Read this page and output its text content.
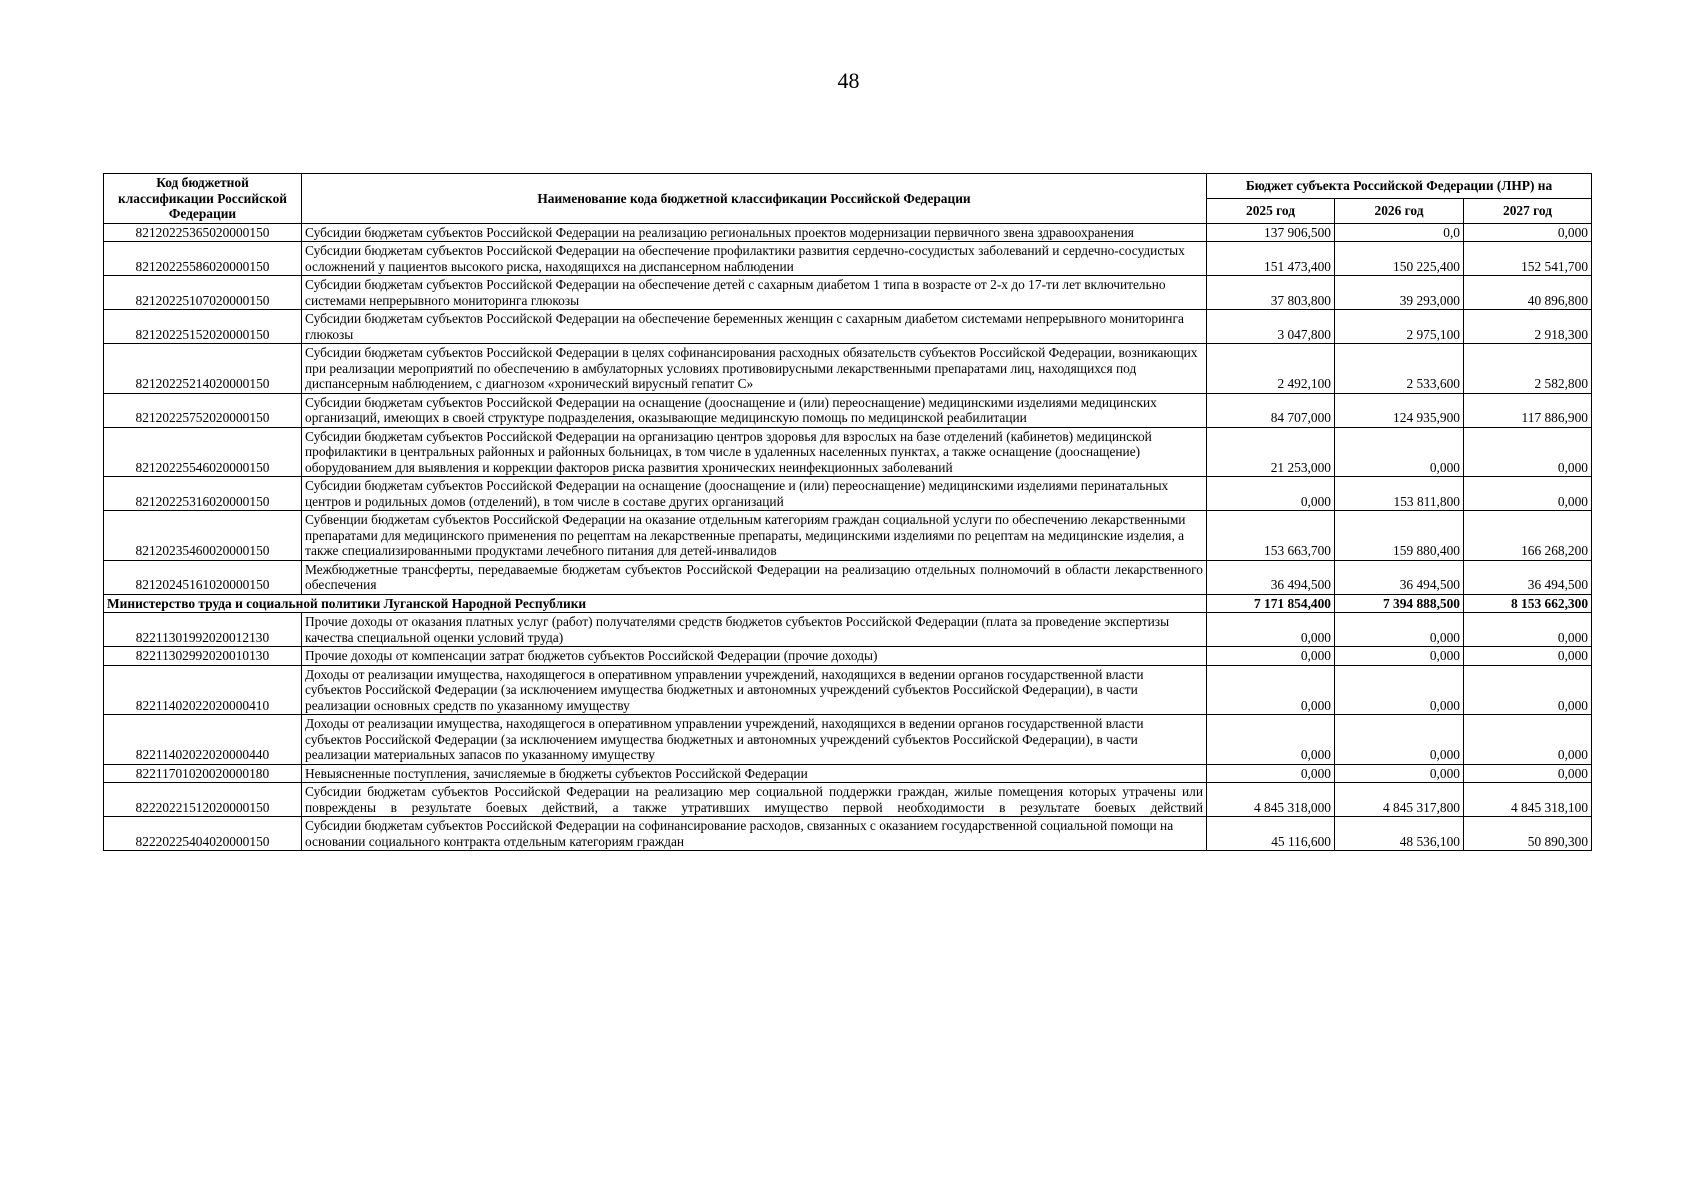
48
Код бюджетной классификации Российской Федерации	Наименование кода бюджетной классификации Российской Федерации	Бюджет субъекта Российской Федерации (ЛНР) на		
		2025 год	2026 год	2027 год
82120225365020000150	Субсидии бюджетам субъектов Российской Федерации на реализацию региональных проектов модернизации первичного звена здравоохранения	137 906,500	0,0	0,000
82120225586020000150	Субсидии бюджетам субъектов Российской Федерации на обеспечение профилактики развития сердечно-сосудистых заболеваний и сердечно-сосудистых осложнений у пациентов высокого риска, находящихся на диспансерном наблюдении	151 473,400	150 225,400	152 541,700
82120225107020000150	Субсидии бюджетам субъектов Российской Федерации на обеспечение детей с сахарным диабетом 1 типа в возрасте от 2-х до 17-ти лет включительно системами непрерывного мониторинга глюкозы	37 803,800	39 293,000	40 896,800
82120225152020000150	Субсидии бюджетам субъектов Российской Федерации на обеспечение беременных женщин с сахарным диабетом системами непрерывного мониторинга глюкозы	3 047,800	2 975,100	2 918,300
82120225214020000150	Субсидии бюджетам субъектов Российской Федерации в целях софинансирования расходных обязательств субъектов Российской Федерации, возникающих при реализации мероприятий по обеспечению в амбулаторных условиях противовирусными лекарственными препаратами лиц, находящихся под диспансерным наблюдением, с диагнозом «хронический вирусный гепатит С»	2 492,100	2 533,600	2 582,800
82120225752020000150	Субсидии бюджетам субъектов Российской Федерации на оснащение (дооснащение и (или) переоснащение) медицинскими изделиями медицинских организаций, имеющих в своей структуре подразделения, оказывающие медицинскую помощь по медицинской реабилитации	84 707,000	124 935,900	117 886,900
82120225546020000150	Субсидии бюджетам субъектов Российской Федерации на организацию центров здоровья для взрослых на базе отделений (кабинетов) медицинской профилактики в центральных районных и районных больницах, в том числе в удаленных населенных пунктах, а также оснащение (дооснащение) оборудованием для выявления и коррекции факторов риска развития хронических неинфекционных заболеваний	21 253,000	0,000	0,000
82120225316020000150	Субсидии бюджетам субъектов Российской Федерации на оснащение (дооснащение и (или) переоснащение) медицинскими изделиями перинатальных центров и родильных домов (отделений), в том числе в составе других организаций	0,000	153 811,800	0,000
82120235460020000150	Субвенции бюджетам субъектов Российской Федерации на оказание отдельным категориям граждан социальной услуги по обеспечению лекарственными препаратами для медицинского применения по рецептам на лекарственные препараты, медицинскими изделиями по рецептам на медицинские изделия, а также специализированными продуктами лечебного питания для детей-инвалидов	153 663,700	159 880,400	166 268,200
82120245161020000150	Межбюджетные трансферты, передаваемые бюджетам субъектов Российской Федерации на реализацию отдельных полномочий в области лекарственного обеспечения	36 494,500	36 494,500	36 494,500
Министерство труда и социальной политики Луганской Народной Республики		7 171 854,400	7 394 888,500	8 153 662,300
82211301992020012130	Прочие доходы от оказания платных услуг (работ) получателями средств бюджетов субъектов Российской Федерации (плата за проведение экспертизы качества специальной оценки условий труда)	0,000	0,000	0,000
82211302992020010130	Прочие доходы от компенсации затрат бюджетов субъектов Российской Федерации (прочие доходы)	0,000	0,000	0,000
82211402022020000410	Доходы от реализации имущества, находящегося в оперативном управлении учреждений, находящихся в ведении органов государственной власти субъектов Российской Федерации (за исключением имущества бюджетных и автономных учреждений субъектов Российской Федерации), в части реализации основных средств по указанному имуществу	0,000	0,000	0,000
82211402022020000440	Доходы от реализации имущества, находящегося в оперативном управлении учреждений, находящихся в ведении органов государственной власти субъектов Российской Федерации (за исключением имущества бюджетных и автономных учреждений субъектов Российской Федерации), в части реализации материальных запасов по указанному имуществу	0,000	0,000	0,000
82211701020020000180	Невыясненные поступления, зачисляемые в бюджеты субъектов Российской Федерации	0,000	0,000	0,000
82220221512020000150	Субсидии бюджетам субъектов Российской Федерации на реализацию мер социальной поддержки граждан, жилые помещения которых утрачены или повреждены в результате боевых действий, а также утративших имущество первой необходимости в результате боевых действий	4 845 318,000	4 845 317,800	4 845 318,100
82220225404020000150	Субсидии бюджетам субъектов Российской Федерации на софинансирование расходов, связанных с оказанием государственной социальной помощи на основании социального контракта отдельным категориям граждан	45 116,600	48 536,100	50 890,300
